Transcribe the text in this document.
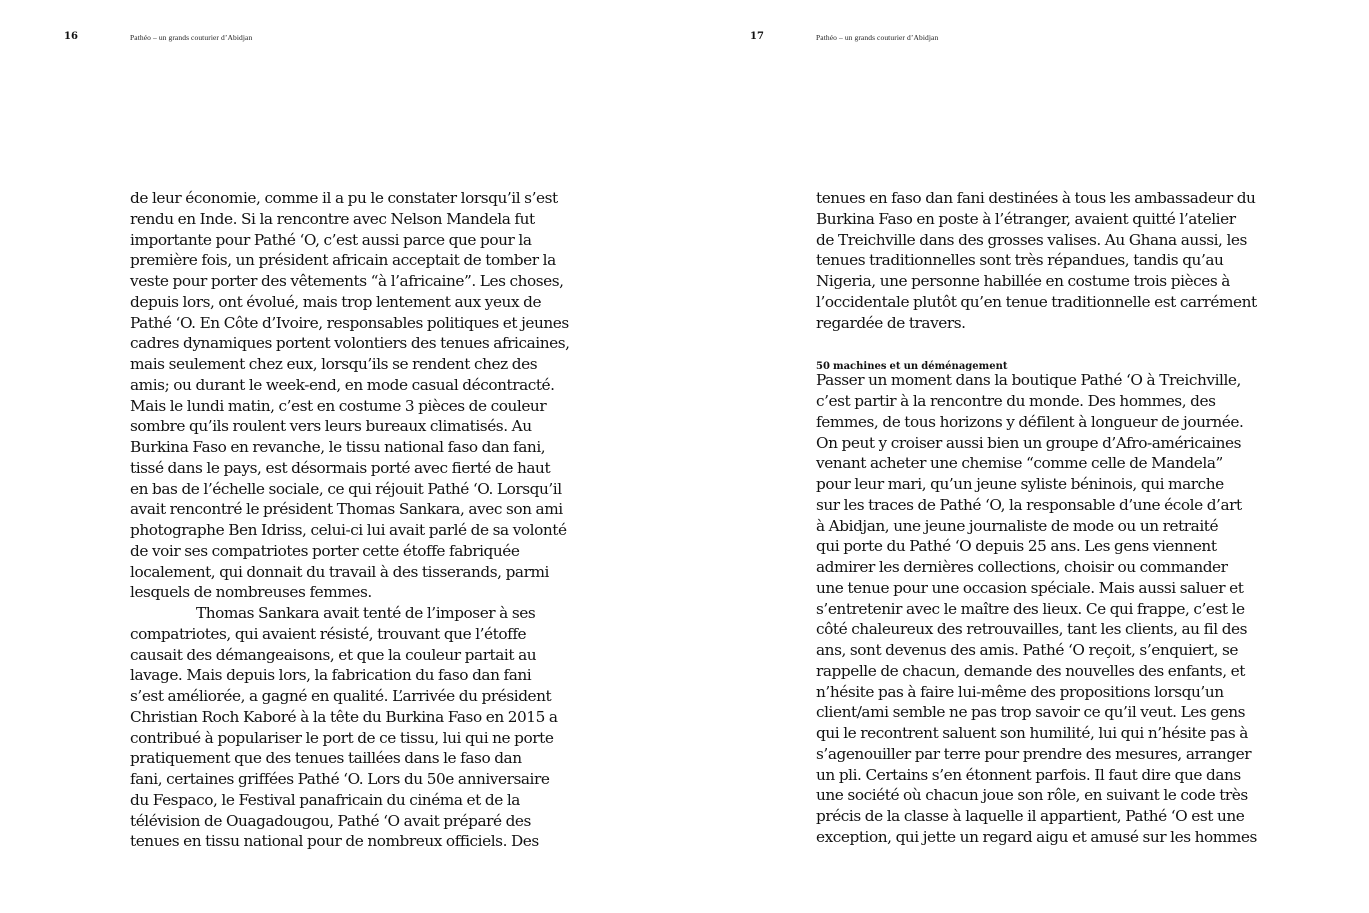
16	Pathéo – un grands couturier d’Abidjan
de leur économie, comme il a pu le constater lorsqu’il s’est
rendu en Inde. Si la rencontre avec Nelson Mandela fut
importante pour Pathé ‘O, c’est aussi parce que pour la
première fois, un président africain acceptait de tomber la
veste pour porter des vêtements “à l’africaine”. Les choses,
depuis lors, ont évolué, mais trop lentement aux yeux de
Pathé ‘O. En Côte d’Ivoire, responsables politiques et jeunes
cadres dynamiques portent volontiers des tenues africaines,
mais seulement chez eux, lorsqu’ils se rendent chez des
amis; ou durant le week-end, en mode casual décontracté.
Mais le lundi matin, c’est en costume 3 pièces de couleur
sombre qu’ils roulent vers leurs bureaux climatisés. Au
Burkina Faso en revanche, le tissu national faso dan fani,
tissé dans le pays, est désormais porté avec fierté de haut
en bas de l’échelle sociale, ce qui réjouit Pathé ‘O. Lorsqu’il
avait rencontré le président Thomas Sankara, avec son ami
photographe Ben Idriss, celui-ci lui avait parlé de sa volonté
de voir ses compatriotes porter cette étoffe fabriquée
localement, qui donnait du travail à des tisserands, parmi
lesquels de nombreuses femmes.
Thomas Sankara avait tenté de l’imposer à ses
compatriotes, qui avaient résisté, trouvant que l’étoffe
causait des démangeaisons, et que la couleur partait au
lavage. Mais depuis lors, la fabrication du faso dan fani
s’est améliorée, a gagné en qualité. L’arrivée du président
Christian Roch Kaboré à la tête du Burkina Faso en 2015 a
contribué à populariser le port de ce tissu, lui qui ne porte
pratiquement que des tenues taillées dans le faso dan
fani, certaines griffées Pathé ‘O. Lors du 50e anniversaire
du Fespaco, le Festival panafricain du cinéma et de la
télévision de Ouagadougou, Pathé ‘O avait préparé des
tenues en tissu national pour de nombreux officiels. Des
17	Pathéo – un grands couturier d’Abidjan
tenues en faso dan fani destinées à tous les ambassadeur du
Burkina Faso en poste à l’étranger, avaient quitté l’atelier
de Treichville dans des grosses valises. Au Ghana aussi, les
tenues traditionnelles sont très répandues, tandis qu’au
Nigeria, une personne habillée en costume trois pièces à
l’occidentale plutôt qu’en tenue traditionnelle est carrément
regardée de travers.
50 machines et un déménagement
Passer un moment dans la boutique Pathé ‘O à Treichville,
c’est partir à la rencontre du monde. Des hommes, des
femmes, de tous horizons y défilent à longueur de journée.
On peut y croiser aussi bien un groupe d’Afro-américaines
venant acheter une chemise “comme celle de Mandela”
pour leur mari, qu’un jeune syliste béninois, qui marche
sur les traces de Pathé ‘O, la responsable d’une école d’art
à Abidjan, une jeune journaliste de mode ou un retraité
qui porte du Pathé ‘O depuis 25 ans. Les gens viennent
admirer les dernières collections, choisir ou commander
une tenue pour une occasion spéciale. Mais aussi saluer et
s’entretenir avec le maître des lieux. Ce qui frappe, c’est le
côté chaleureux des retrouvailles, tant les clients, au fil des
ans, sont devenus des amis. Pathé ‘O reçoit, s’enquiert, se
rappelle de chacun, demande des nouvelles des enfants, et
n’hésite pas à faire lui-même des propositions lorsqu’un
client/ami semble ne pas trop savoir ce qu’il veut. Les gens
qui le recontrent saluent son humilité, lui qui n’hésite pas à
s’agenouiller par terre pour prendre des mesures, arranger
un pli. Certains s’en étonnent parfois. Il faut dire que dans
une société où chacun joue son rôle, en suivant le code très
précis de la classe à laquelle il appartient, Pathé ‘O est une
exception, qui jette un regard aigu et amusé sur les hommes
